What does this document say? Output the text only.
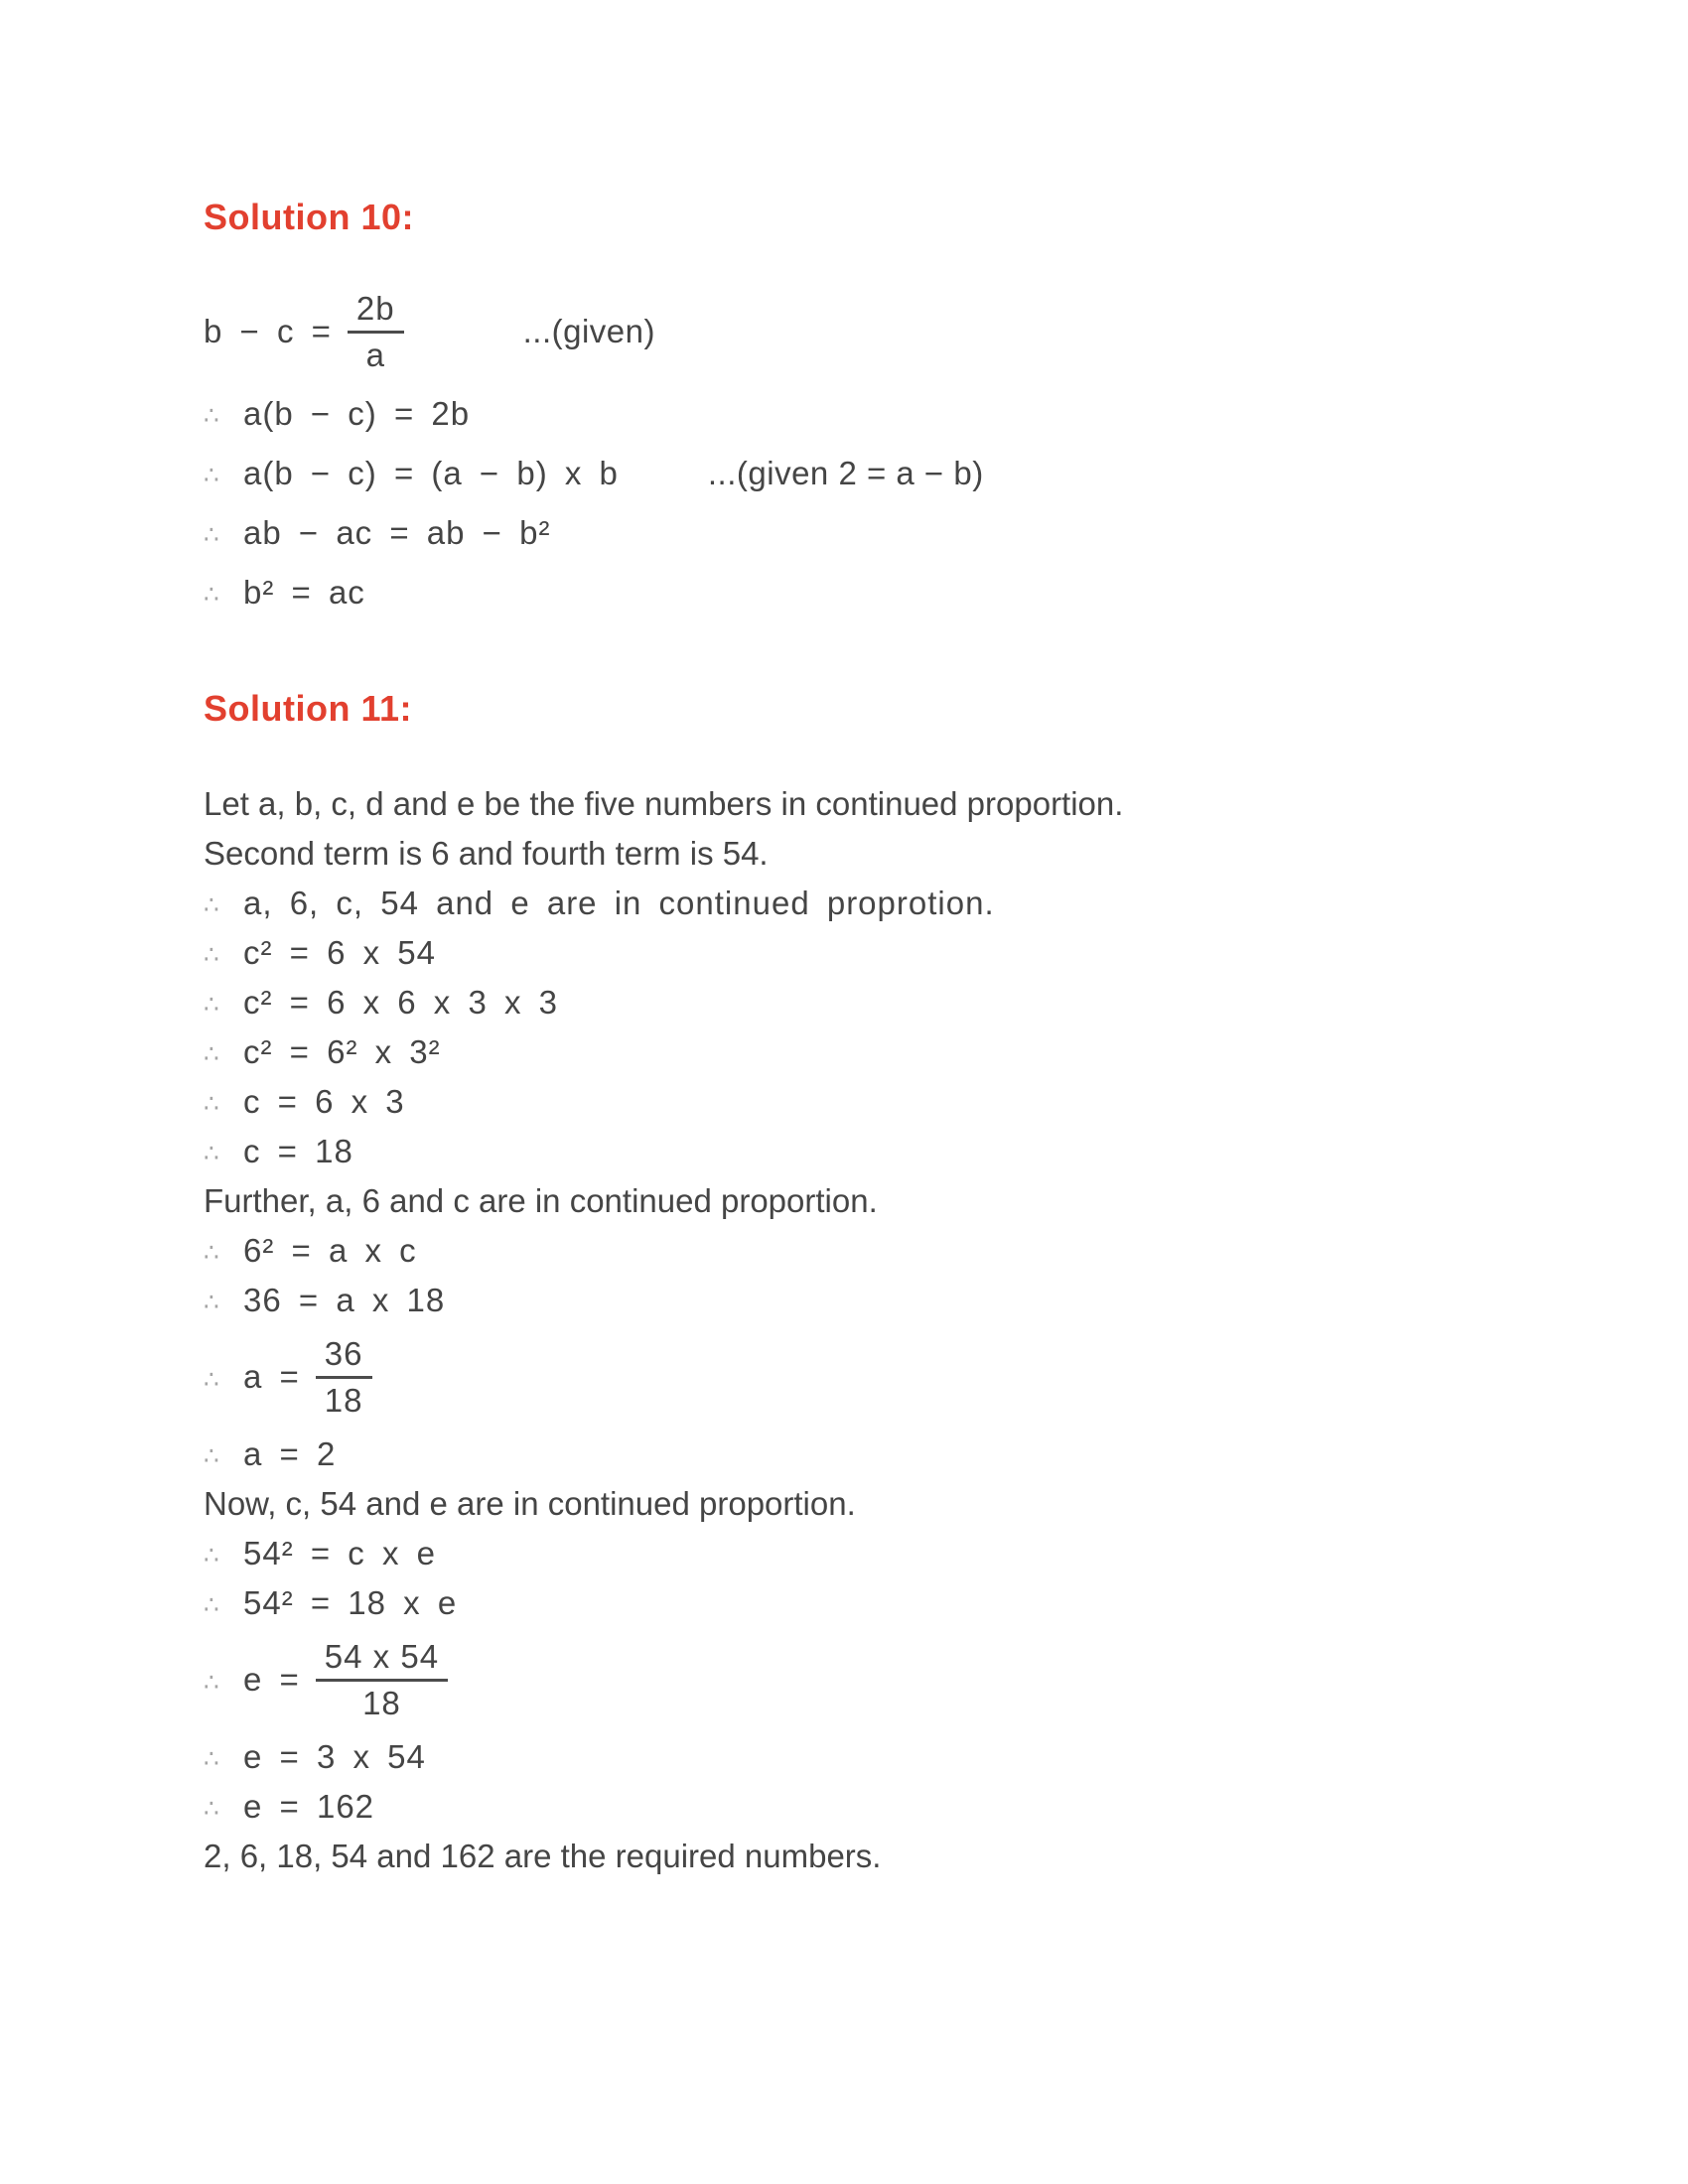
Solution 10:
$b - c = \frac{2b}{a}$	...(given)
∴ a(b − c) = 2b
∴ a(b − c) = (a − b) x b	...(given 2 = a − b)
∴ ab − ac = ab − b²
∴ b² = ac
Solution 11:
Let a, b, c, d and e be the five numbers in continued proportion.
Second term is 6 and fourth term is 54.
∴ a, 6, c, 54 and e are in continued proprotion.
∴ c² = 6 x 54
∴ c² = 6 x 6 x 3 x 3
∴ c² = 6² x 3²
∴ c = 6 x 3
∴ c = 18
Further, a, 6 and c are in continued proportion.
∴ 6² = a x c
∴ 36 = a x 18
∴ $a = \frac{36}{18}$
∴ a = 2
Now, c, 54 and e are in continued proportion.
∴ 54² = c x e
∴ 54² = 18 x e
∴ $e = \frac{54 x 54}{18}$
∴ e = 3 x 54
∴ e = 162
2, 6, 18, 54 and 162 are the required numbers.
